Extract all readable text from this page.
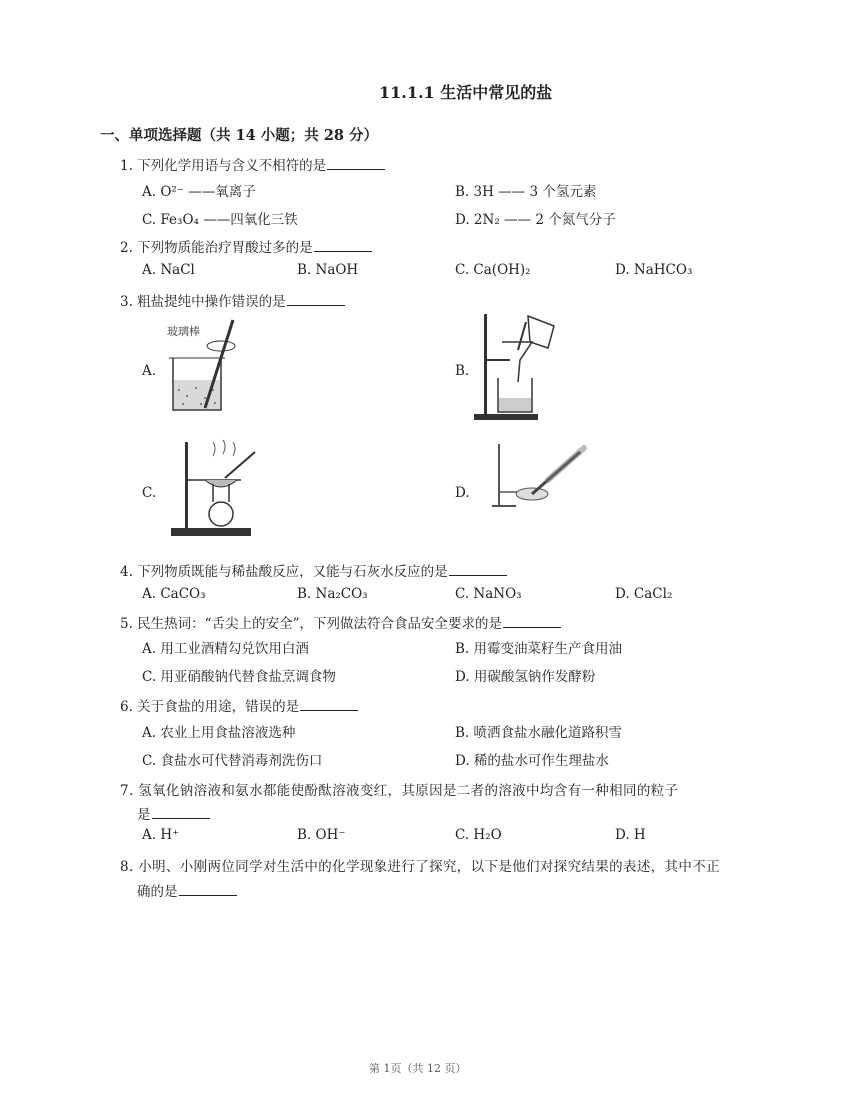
11.1.1 生活中常见的盐
一、单项选择题（共 14 小题；共 28 分）
1. 下列化学用语与含义不相符的是
A. O²⁻ ——氧离子	B. 3H —— 3 个氢元素
C. Fe₃O₄ ——四氧化三铁	D. 2N₂ —— 2 个氮气分子
2. 下列物质能治疗胃酸过多的是
A. NaCl	B. NaOH	C. Ca(OH)₂	D. NaHCO₃
3. 粗盐提纯中操作错误的是
A.	B.
C.	D.
玻璃棒
4. 下列物质既能与稀盐酸反应，又能与石灰水反应的是
A. CaCO₃	B. Na₂CO₃	C. NaNO₃	D. CaCl₂
5. 民生热词：“舌尖上的安全”，下列做法符合食品安全要求的是
A. 用工业酒精勾兑饮用白酒	B. 用霉变油菜籽生产食用油
C. 用亚硝酸钠代替食盐烹调食物	D. 用碳酸氢钠作发酵粉
6. 关于食盐的用途，错误的是
A. 农业上用食盐溶液选种	B. 喷洒食盐水融化道路积雪
C. 食盐水可代替消毒剂洗伤口	D. 稀的盐水可作生理盐水
7. 氢氧化钠溶液和氨水都能使酚酞溶液变红，其原因是二者的溶液中均含有一种相同的粒子
是
A. H⁺	B. OH⁻	C. H₂O	D. H
8. 小明、小刚两位同学对生活中的化学现象进行了探究，以下是他们对探究结果的表述，其中不正
确的是
第 1页（共 12 页）
